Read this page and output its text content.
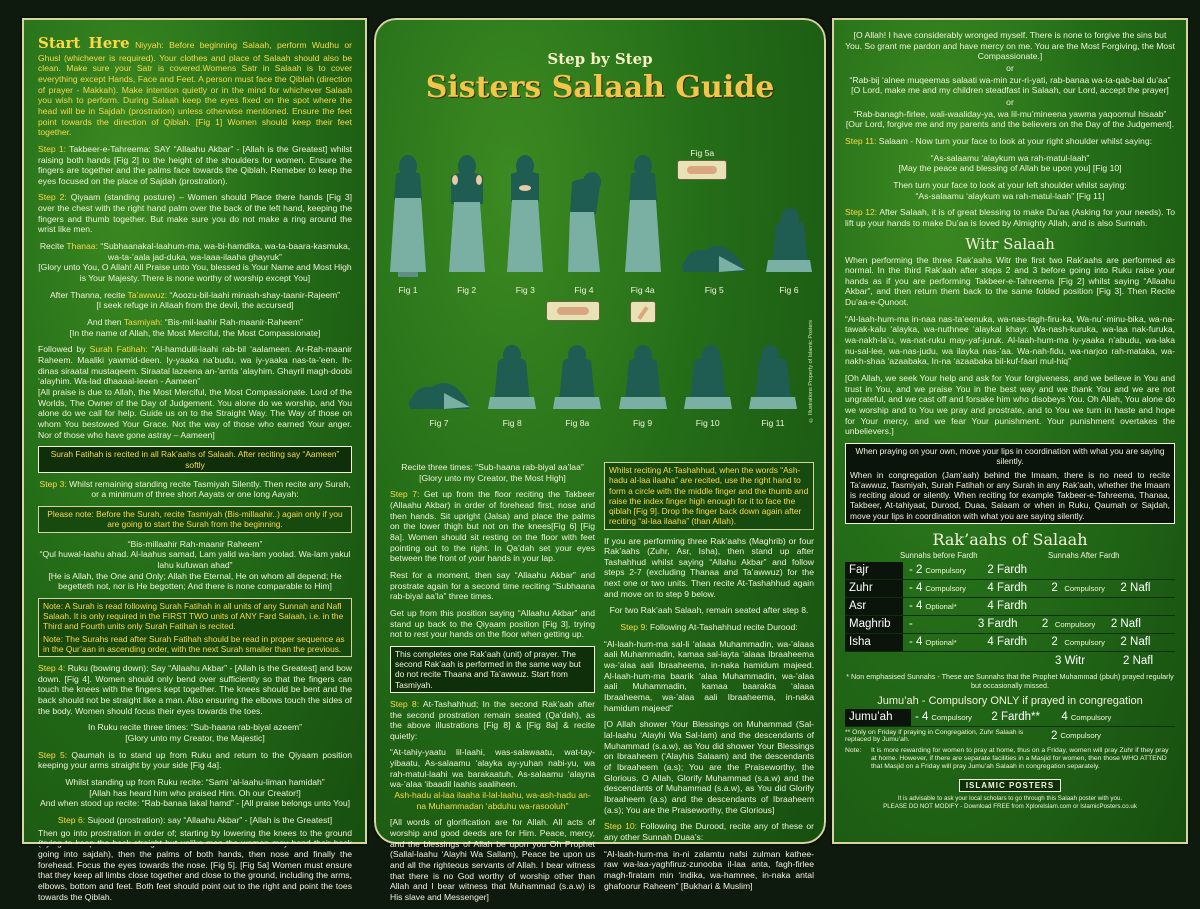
Start Here Niyyah: Before beginning Salaah, perform Wudhu or Ghusl (whichever is required). Your clothes and place of Salaah should also be clean. Make sure your Satr is covered.Womens Satr in Salaah is to cover everything except Hands, Face and Feet. A person must face the Qiblah (direction of prayer - Makkah). Make intention quietly or in the mind for whichever Salaah you wish to perform. During Salaah keep the eyes fixed on the spot where the head will be in Sajdah (prostration) unless otherwise mentioned. Ensure the feet point towards the direction of Qiblah. [Fig 1] Women should keep their feet together.

Step 1: Takbeer-e-Tahreema: SAY “Allaahu Akbar” - [Allah is the Greatest] whilst raising both hands [Fig 2] to the height of the shoulders for women. Ensure the fingers are together and the palms face towards the Qiblah. Remeber to keep the eyes focused on the place of Sajdah (prostration).

Step 2: Qiyaam (standing posture) – Women should Place there hands [Fig 3] over the chest with the right hand palm over the back of the left hand, keeping the fingers and thumb together. But make sure you do not make a ring around the wrist like men.

Recite Thanaa: “Subhaanakal-laahum-ma, wa-bi-hamdika, wa-ta-baara-kasmuka, wa-ta-’aala jad-duka, wa-laaa-ilaaha ghayruk”
[Glory unto You, O Allah! All Praise unto You, blessed is Your Name and Most High is Your Majesty. There is none worthy of worship except You]

After Thanna, recite Ta’awwuz: “Aoozu-bil-laahi minash-shay-taanir-Rajeem”
[I seek refuge in Allaah from the devil, the accursed]

And then Tasmiyah: “Bis-mil-laahir Rah-maanir-Raheem”
[In the name of Allah, the Most Merciful, the Most Compassionate]

Followed by Surah Fatihah: “Al-hamdulil-laahi rab-bil ‘aalameen. Ar-Rah-maanir Raheem. Maaliki yawmid-deen. Iy-yaaka na’budu, wa iy-yaaka nas-ta-’een. Ih-dinas siraatal mustaqeem. Siraatal lazeena an-’amta ‘alayhim. Ghayril magh-doobi ‘alayhim. Wa-lad dhaaaal-leeen - Aameen”
[All praise is due to Allah, the Most Merciful, the Most Compassionate. Lord of the Worlds, The Owner of the Day of Judgement. You alone do we worship, and You alone do we call for help. Guide us on to the Straight Way. The Way of those on whom You bestowed Your Grace. Not the way of those who earned Your anger. Nor of those who have gone astray – Aameen]

Surah Fatihah is recited in all Rak’aahs of Salaah. After reciting say “Aameen” softly

Step 3: Whilst remaining standing recite Tasmiyah Silently. Then recite any Surah, or a minimum of three short Aayats or one long Aayah:

Please note: Before the Surah, recite Tasmiyah (Bis-millaahir..) again only if you are going to start the Surah from the beginning.

“Bis-millaahir Rah-maanir Raheem”
“Qul huwal-laahu ahad. Al-laahus samad, Lam yalid wa-lam yoolad. Wa-lam yakul lahu kufuwan ahad”
[He is Allah, the One and Only; Allah the Eternal, He on whom all depend; He begetteth not, nor is He begotten; And there is none comparable to Him]

Note: A Surah is read following Surah Fatihah in all units of any Sunnah and Nafl Salaah. It is only required in the FIRST TWO units of ANY Fard Salaah, i.e. in the Third and Fourth units only Surah Fatihah is recited.
Note: The Surahs read after Surah Fatihah should be read in proper sequence as in the Qur’aan in ascending order, with the next Surah smaller than the previous.

Step 4: Ruku (bowing down): Say “Allaahu Akbar” - [Allah is the Greatest] and bow down. [Fig 4]. Women should only bend over sufficiently so that the fingers can touch the knees with the fingers kept together. The knees should be bent and the back should not be straight like a man. Also ensuring the elbows touch the sides of the body. Women should focus their eyes towards the toes.

In Ruku recite three times: “Sub-haana rab-biyal azeem”
[Glory unto my Creator, the Majestic]

Step 5: Qaumah is to stand up from Ruku and return to the Qiyaam position keeping your arms straight by your side [Fig 4a].

Whilst standing up from Ruku recite: “Sami ‘al-laahu-liman hamidah”
[Allah has heard him who praised Him. Oh our Creator!]
And when stood up recite: “Rab-banaa lakal hamd” - [All praise belongs unto You]

Step 6: Sujood (prostration): say “Allaahu Akbar” - [Allah is the Greatest]

Then go into prostration in order of; starting by lowering the knees to the ground (trying to keep the back straight but unlike men the women may bend their back going into sajdah), then the palms of both hands, then nose and finally the forehead. Focus the eyes towards the nose. [Fig 5]. [Fig 5a] Women must ensure that they keep all limbs close together and close to the ground, including the arms, elbows, bottom and feet. Both feet should point out to the right and point the toes towards the Qiblah.

Step by Step
Sisters Salaah Guide
Fig 1	Fig 2	Fig 3	Fig 4	Fig 4a
Fig 5a
Fig 5	Fig 6
© Illustrations Property of Islamic Posters
Fig 7	Fig 8	Fig 8a	Fig 9	Fig 10	Fig 11

Recite three times: “Sub-haana rab-biyal aa’laa”
[Glory unto my Creator, the Most High]

Step 7: Get up from the floor reciting the Takbeer (Allaahu Akbar) in order of forehead first, nose and then hands. Sit upright (Jalsa) and place the palms on the lower thigh but not on the knees[Fig 6] [Fig 8a]. Women should sit resting on the floor with feet pointing out to the right. In Qa’dah set your eyes between the front of your hands in your lap.

Rest for a moment, then say “Allaahu Akbar” and prostrate again for a second time reciting “Subhaana rab-biyal aa’la” three times.

Get up from this position saying “Allaahu Akbar” and stand up back to the Qiyaam position [Fig 3], trying not to rest your hands on the floor when getting up.

This completes one Rak’aah (unit) of prayer. The second Rak’aah is performed in the same way but do not recite Thaana and Ta’awwuz. Start from Tasmiyah.

Step 8: At-Tashahhud; In the second Rak’aah after the second prostration remain seated (Qa’dah), as the above illustrations [Fig 8] & [Fig 8a] & recite quietly:

“At-tahiy-yaatu lil-laahi, was-salawaatu, wat-tay-yibaatu, As-salaamu ‘alayka ay-yuhan nabi-yu, wa rah-matul-laahi wa barakaatuh, As-salaamu ‘alayna wa-’alaa ‘ibaadil laahis saaliheen.
Ash-hadu al-laa ilaaha il-lal-laahu, wa-ash-hadu an-na Muhammadan ‘abduhu wa-rasooluh”

[All words of glorification are for Allah. All acts of worship and good deeds are for Him. Peace, mercy, and the blessings of Allah be upon you Oh Prophet (Sallal-laahu ‘Alayhi Wa Sallam), Peace be upon us and all the righteous servants of Allah. I bear witness that there is no God worthy of worship other than Allah and I bear witness that Muhammad (s.a.w) is His slave and Messenger]

Whilst reciting At-Tashahhud, when the words “Ash-hadu al-laa ilaaha” are recited, use the right hand to form a circle with the middle finger and the thumb and raise the index finger high enough for it to face the qiblah [Fig 9]. Drop the finger back down again after reciting “al-laa ilaaha” (than Allah).

If you are performing three Rak’aahs (Maghrib) or four Rak’aahs (Zuhr, Asr, Isha), then stand up after Tashahhud whilst saying “Allahu Akbar” and follow steps 2-7 (excluding Thanaa and Ta’awwuz) for the next one or two units. Then recite At-Tashahhud again and move on to step 9 below.

For two Rak’aah Salaah, remain seated after step 8.

Step 9: Following At-Tashahhud recite Durood:

“Al-laah-hum-ma sal-li ‘alaaa Muhammadin, wa-’alaaa aali Muhammadin, kamaa sal-layta ‘alaaa Ibraaheema wa-’alaa aali Ibraaheema, in-naka hamidum majeed. Al-laah-hum-ma baarik ‘alaa Muhammadin, wa-’alaa aali Muhammadin, kamaa baarakta ‘alaaa Ibraaheema, wa-’alaa aali Ibraaheema, in-naka hamidum majeed”

[O Allah shower Your Blessings on Muhammad (Sal-lal-laahu ‘Alayhi Wa Sal-lam) and the descendants of Muhammad (s.a.w), as You did shower Your Blessings on Ibraaheem (‘Alayhis Salaam) and the descendants of Ibraaheem (a.s); You are the Praiseworthy, the Glorious. O Allah, Glorify Muhammad (s.a.w) and the descendants of Muhammad (s.a.w), as You did Glorify Ibraaheem (a.s) and the descendants of Ibraaheem (a.s); You are the Praiseworthy, the Glorious]

Step 10: Following the Durood, recite any of these or any other Sunnah Duaa’s:

“Al-laah-hum-ma in-ni zalamtu nafsi zulman kathee-raw wa-laa-yaghfiruz-zunooba il-laa anta, fagh-firlee magh-firatam min ‘indika, wa-hamnee, in-naka antal ghafoorur Raheem” [Bukhari & Muslim]

[O Allah! I have considerably wronged myself. There is none to forgive the sins but You. So grant me pardon and have mercy on me. You are the Most Forgiving, the Most Compassionate.]

or

“Rab-bij ‘alnee muqeemas salaati wa-min zur-ri-yati, rab-banaa wa-ta-qab-bal du’aa”
[O Lord, make me and my children steadfast in Salaah, our Lord, accept the prayer]

or

“Rab-banagh-firlee, wali-waaliday-ya, wa lil-mu’mineena yawma yaqoomul hisaab”
[Our Lord, forgive me and my parents and the believers on the Day of the Judgement].

Step 11: Salaam - Now turn your face to look at your right shoulder whilst saying:

“As-salaamu ‘alaykum wa rah-matul-laah”
[May the peace and blessing of Allah be upon you] [Fig 10]

Then turn your face to look at your left shoulder whilst saying:
“As-salaamu ‘alaykum wa rah-matul-laah” [Fig 11]

Step 12: After Salaah, it is of great blessing to make Du’aa (Asking for your needs). To lift up your hands to make Du’aa is loved by Almighty Allah, and is also Sunnah.

Witr Salaah

When performing the three Rak’aahs Witr the first two Rak’aahs are performed as normal. In the third Rak’aah after steps 2 and 3 before going into Ruku raise your hands as if you are performing Takbeer-e-Tahreema [Fig 2] whilst saying “Allaahu Akbar”, and then return them back to the same folded position [Fig 3]. Then Recite Du’aa-e-Qunoot.

“Al-laah-hum-ma in-naa nas-ta’eenuka, wa-nas-tagh-firu-ka, Wa-nu’-minu-bika, wa-na-tawak-kalu ‘alayka, wa-nuthnee ‘alaykal khayr. Wa-nash-kuruka, wa-laa nak-furuka, wa-nakh-la’u, wa-nat-ruku may-yaf-juruk. Al-laah-hum-ma iy-yaaka n’abudu, wa-laka nu-sal-lee, wa-nas-judu, wa ilayka nas-’aa. Wa-nah-fidu, wa-narjoo rah-mataka, wa-nakh-shaa ‘azaabaka, In-na ‘azaabaka bil-kuf-faari mul-hiq”

[Oh Allah, we seek Your help and ask for Your forgiveness, and we believe in You and trust in You, and we praise You in the best way and we thank You and we are not ungrateful, and we cast off and forsake him who disobeys You. Oh Allah, You alone do we worship and to You we pray and prostrate, and to You we turn in haste and hope for Your mercy, and we fear Your punishment. Your punishment overtakes the unbelievers.]

When praying on your own, move your lips in coordination with what you are saying silently.
When in congregation (Jam’aah) behind the Imaam, there is no need to recite Ta’awwuz, Tasmiyah, Surah Fatihah or any Surah in any Rak’aah, whether the Imaam is reciting aloud or silently. When reciting for example Takbeer-e-Tahreema, Thanaa, Takbeer, At-tahiyaat, Durood, Duaa, Salaam or when in Ruku, Qaumah or Sajdah, move your lips in coordination with what you are saying silently.
Rak’aahs of Salaah
Sunnahs before Fardh	Sunnahs After Fardh
Fajr	- 2 Compulsory	2 Fardh
Zuhr	- 4 Compulsory	4 Fardh	2 Compulsory	2 Nafl
Asr	- 4 Optional*	4 Fardh
Maghrib	-	3 Fardh	2 Compulsory	2 Nafl
Isha	- 4 Optional*	4 Fardh	2 Compulsory	2 Nafl
3 Witr	2 Nafl

* Non emphasised Sunnahs - These are Sunnahs that the Prophet Muhammad (pbuh) prayed regularly but occasionally missed.

Jumu’ah - Compulsory ONLY if prayed in congregation
Jumu’ah	- 4 Compulsory	2 Fardh**	4 Compulsory
** Only on Friday if praying in Congregation, Zuhr Salaah is replaced by Jumu’ah.	2 Compulsory
Note:	It is more rewarding for women to pray at home, thus on a Friday, women will pray Zuhr if they pray at home. However, if there are separate facilities in a Masjid for women, then those WHO ATTEND that Masjid on a Friday will pray Jumu’ah Salaah in congregation separately.
ISLAMIC POSTERS
It is advisable to ask your local scholars to go through this Salaah poster with you.
PLEASE DO NOT MODIFY - Download FREE from Xplorelslam.com or IslamicPosters.co.uk
